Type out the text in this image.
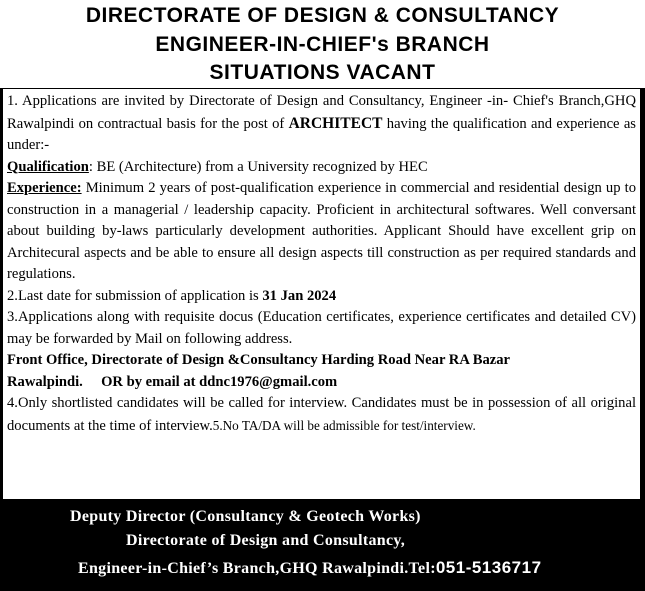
DIRECTORATE OF DESIGN & CONSULTANCY
ENGINEER-IN-CHIEF's BRANCH
SITUATIONS VACANT

1. Applications are invited by Directorate of Design and Consultancy, Engineer -in- Chief's Branch,GHQ Rawalpindi on contractual basis for the post of ARCHITECT having the qualification and experience as under:-

Qualification: BE (Architecture) from a University recognized by HEC

Experience: Minimum 2 years of post-qualification experience in commercial and residential design up to construction in a managerial / leadership capacity. Proficient in architectural softwares. Well conversant about building by-laws particularly development authorities. Applicant Should have excellent grip on Architecural aspects and be able to ensure all design aspects till construction as per required standards and regulations.

2.Last date for submission of application is 31 Jan 2024

3.Applications along with requisite docus (Education certificates, experience certificates and detailed CV) may be forwarded by Mail on following address.

Front Office, Directorate of Design &Consultancy Harding Road Near RA Bazar

Rawalpindi.     OR by email at ddnc1976@gmail.com

4.Only shortlisted candidates will be called for interview. Candidates must be in possession of all original documents at the time of interview.5.No TA/DA will be admissible for test/interview.

Deputy Director (Consultancy & Geotech Works)
Directorate of Design and Consultancy,
Engineer-in-Chief’s Branch,GHQ Rawalpindi.Tel:051-5136717
